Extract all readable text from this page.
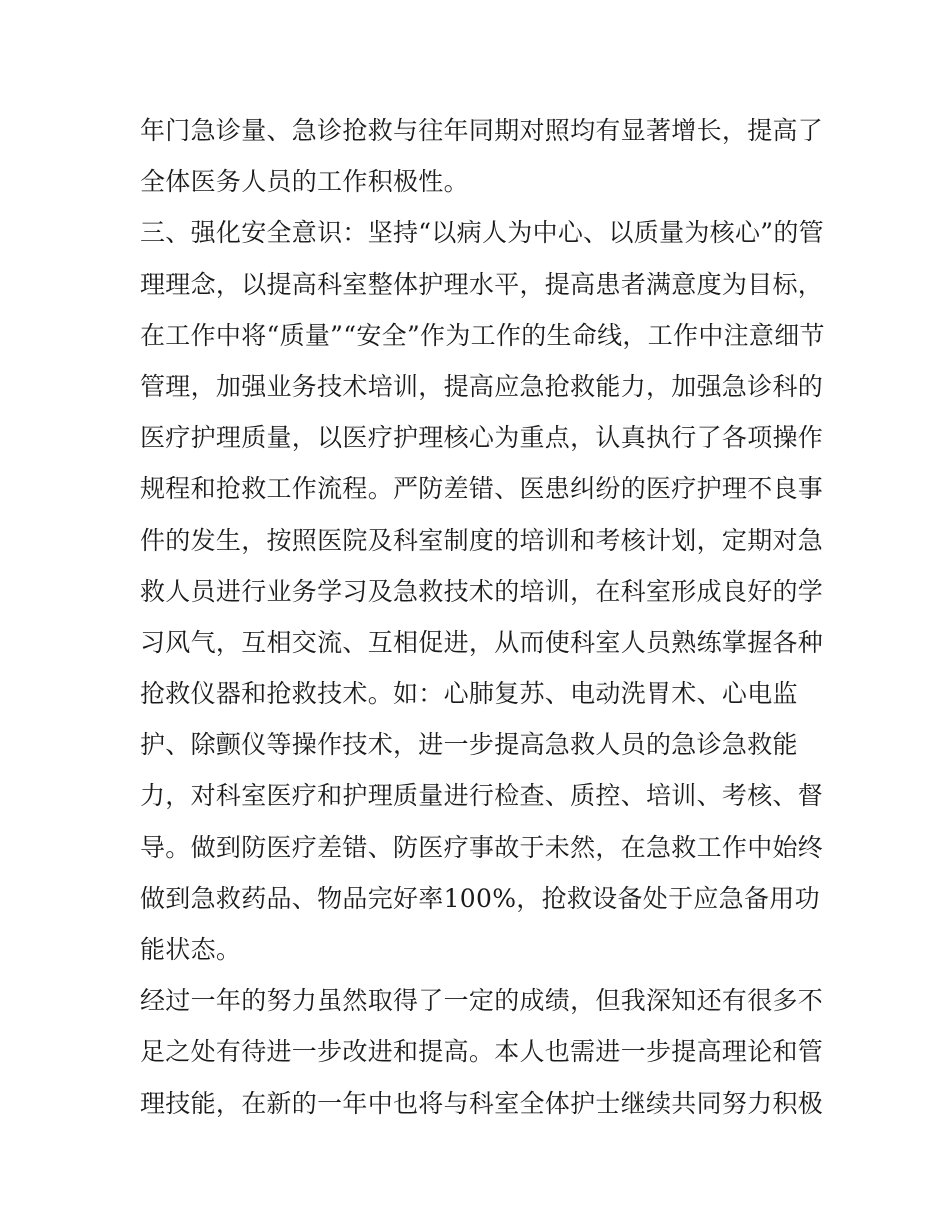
年门急诊量、急诊抢救与往年同期对照均有显著增长，提高了
全体医务人员的工作积极性。
三、强化安全意识：坚持“以病人为中心、以质量为核心”的管
理理念，以提高科室整体护理水平，提高患者满意度为目标，
在工作中将“质量”“安全”作为工作的生命线，工作中注意细节
管理，加强业务技术培训，提高应急抢救能力，加强急诊科的
医疗护理质量，以医疗护理核心为重点，认真执行了各项操作
规程和抢救工作流程。严防差错、医患纠纷的医疗护理不良事
件的发生，按照医院及科室制度的培训和考核计划，定期对急
救人员进行业务学习及急救技术的培训，在科室形成良好的学
习风气，互相交流、互相促进，从而使科室人员熟练掌握各种
抢救仪器和抢救技术。如：心肺复苏、电动洗胃术、心电监
护、除颤仪等操作技术，进一步提高急救人员的急诊急救能
力，对科室医疗和护理质量进行检查、质控、培训、考核、督
导。做到防医疗差错、防医疗事故于未然，在急救工作中始终
做到急救药品、物品完好率100%，抢救设备处于应急备用功
能状态。
经过一年的努力虽然取得了一定的成绩，但我深知还有很多不
足之处有待进一步改进和提高。本人也需进一步提高理论和管
理技能，在新的一年中也将与科室全体护士继续共同努力积极
